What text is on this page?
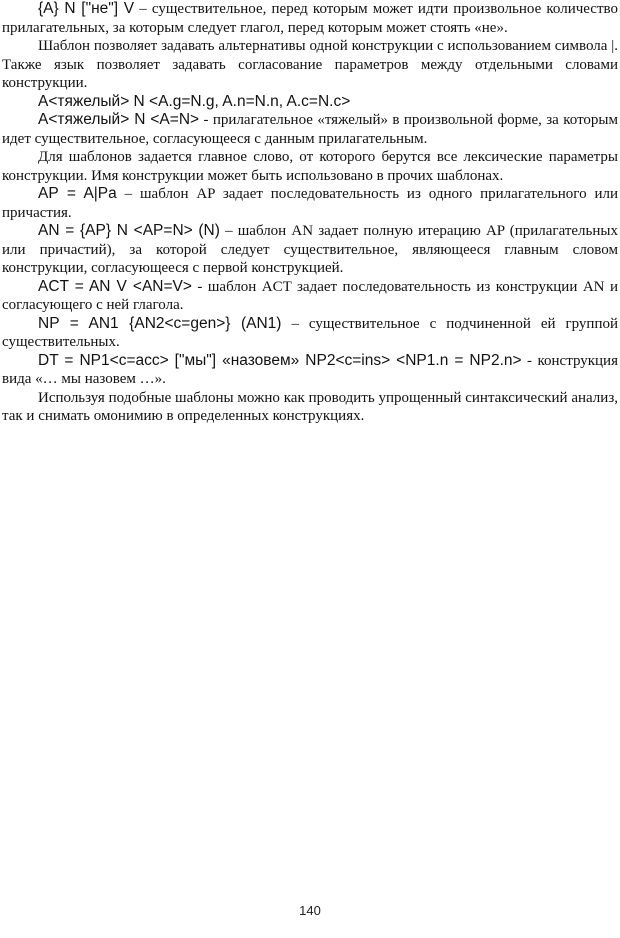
{A} N ["не"] V – существительное, перед которым может идти произвольное количество прилагательных, за которым следует глагол, перед которым может стоять «не».

Шаблон позволяет задавать альтернативы одной конструкции с использованием символа |. Также язык позволяет задавать согласование параметров между отдельными словами конструкции.

A<тяжелый> N <A.g=N.g, A.n=N.n, A.c=N.c>

A<тяжелый> N <A=N> - прилагательное «тяжелый» в произвольной форме, за которым идет существительное, согласующееся с данным прилагательным.

Для шаблонов задается главное слово, от которого берутся все лексические параметры конструкции. Имя конструкции может быть использовано в прочих шаблонах.

AP = A|Pa – шаблон AP задает последовательность из одного прилагательного или причастия.

AN = {AP} N <AP=N> (N) – шаблон AN задает полную итерацию AP (прилагательных или причастий), за которой следует существительное, являющееся главным словом конструкции, согласующееся с первой конструкцией.

ACT = AN V <AN=V> - шаблон ACT задает последовательность из конструкции AN и согласующего с ней глагола.

NP = AN1 {AN2<c=gen>} (AN1) – существительное с подчиненной ей группой существительных.

DT = NP1<c=acc> ["мы"] «назовем» NP2<c=ins> <NP1.n = NP2.n> - конструкция вида «… мы назовем …».

Используя подобные шаблоны можно как проводить упрощенный синтаксический анализ, так и снимать омонимию в определенных конструкциях.

140
